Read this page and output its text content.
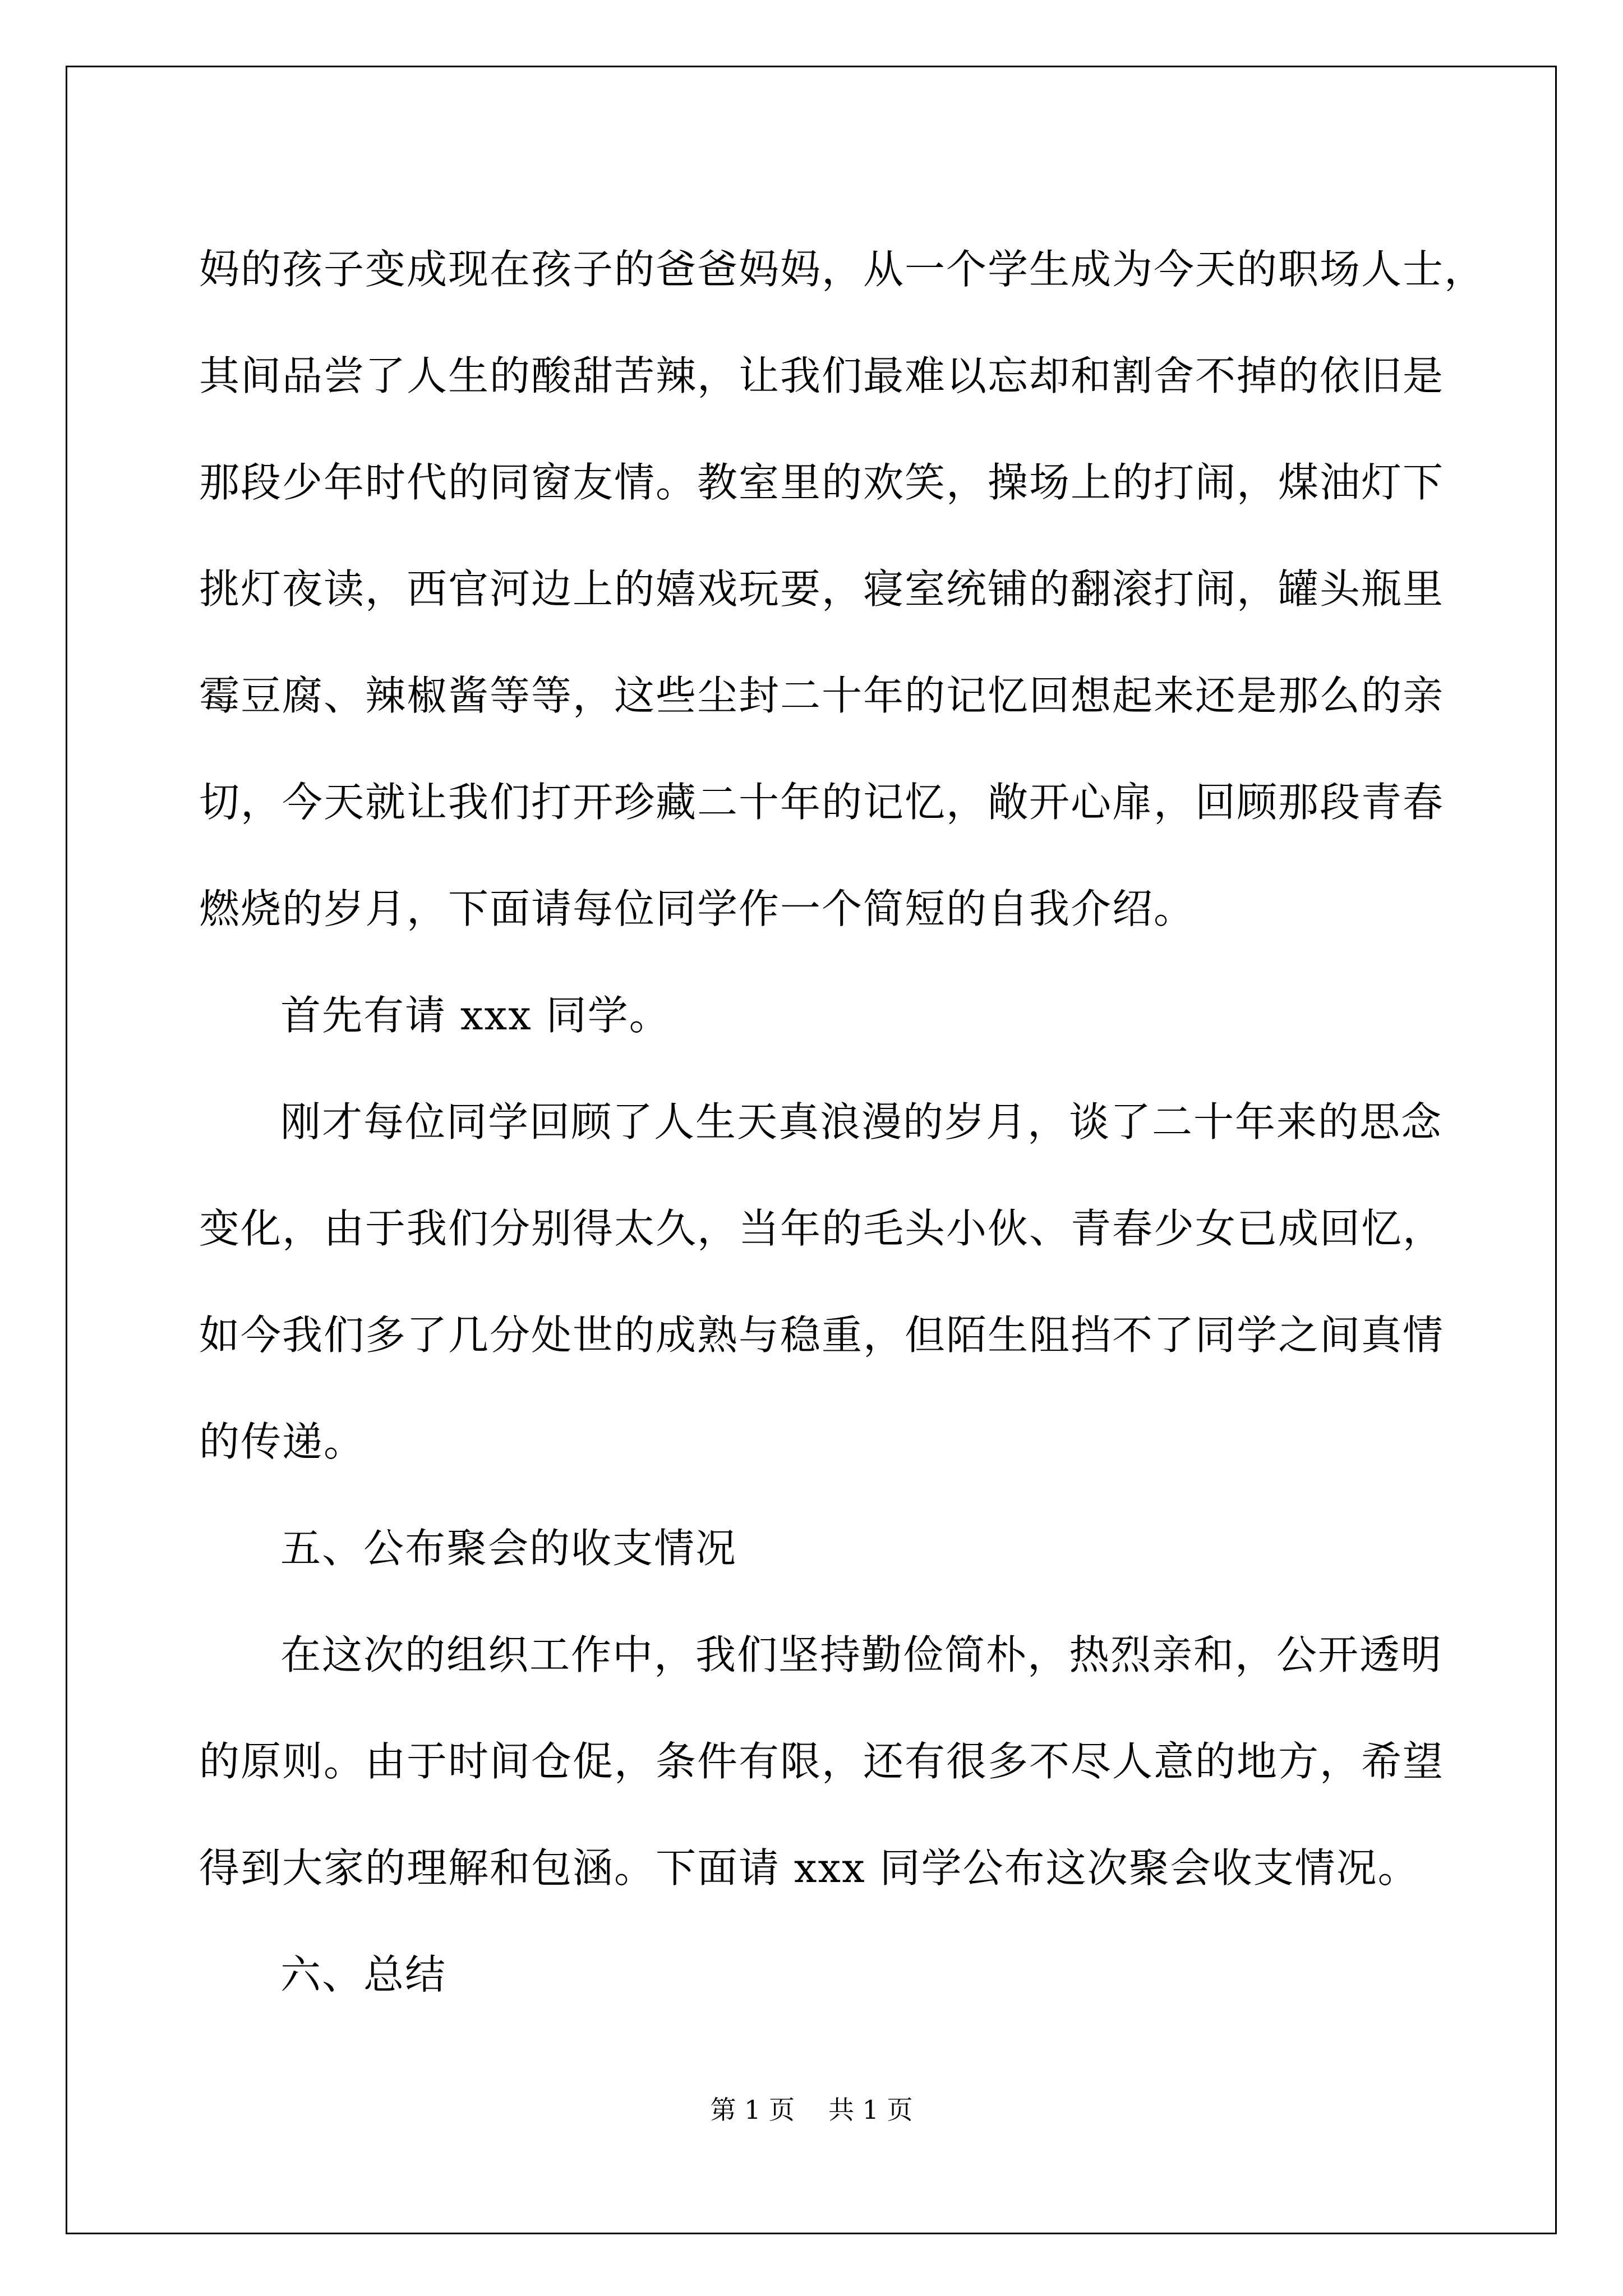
妈的孩子变成现在孩子的爸爸妈妈，从一个学生成为今天的职场人士，
其间品尝了人生的酸甜苦辣，让我们最难以忘却和割舍不掉的依旧是
那段少年时代的同窗友情。教室里的欢笑，操场上的打闹，煤油灯下
挑灯夜读，西官河边上的嬉戏玩要，寝室统铺的翻滚打闹，罐头瓶里
霉豆腐、辣椒酱等等，这些尘封二十年的记忆回想起来还是那么的亲
切，今天就让我们打开珍藏二十年的记忆，敞开心扉，回顾那段青春
燃烧的岁月，下面请每位同学作一个简短的自我介绍。
首先有请 xxx 同学。
刚才每位同学回顾了人生天真浪漫的岁月，谈了二十年来的思念
变化，由于我们分别得太久，当年的毛头小伙、青春少女已成回忆，
如今我们多了几分处世的成熟与稳重，但陌生阻挡不了同学之间真情
的传递。
五、公布聚会的收支情况
在这次的组织工作中，我们坚持勤俭简朴，热烈亲和，公开透明
的原则。由于时间仓促，条件有限，还有很多不尽人意的地方，希望
得到大家的理解和包涵。下面请 xxx 同学公布这次聚会收支情况。
六、总结
第 1 页 共 1 页
